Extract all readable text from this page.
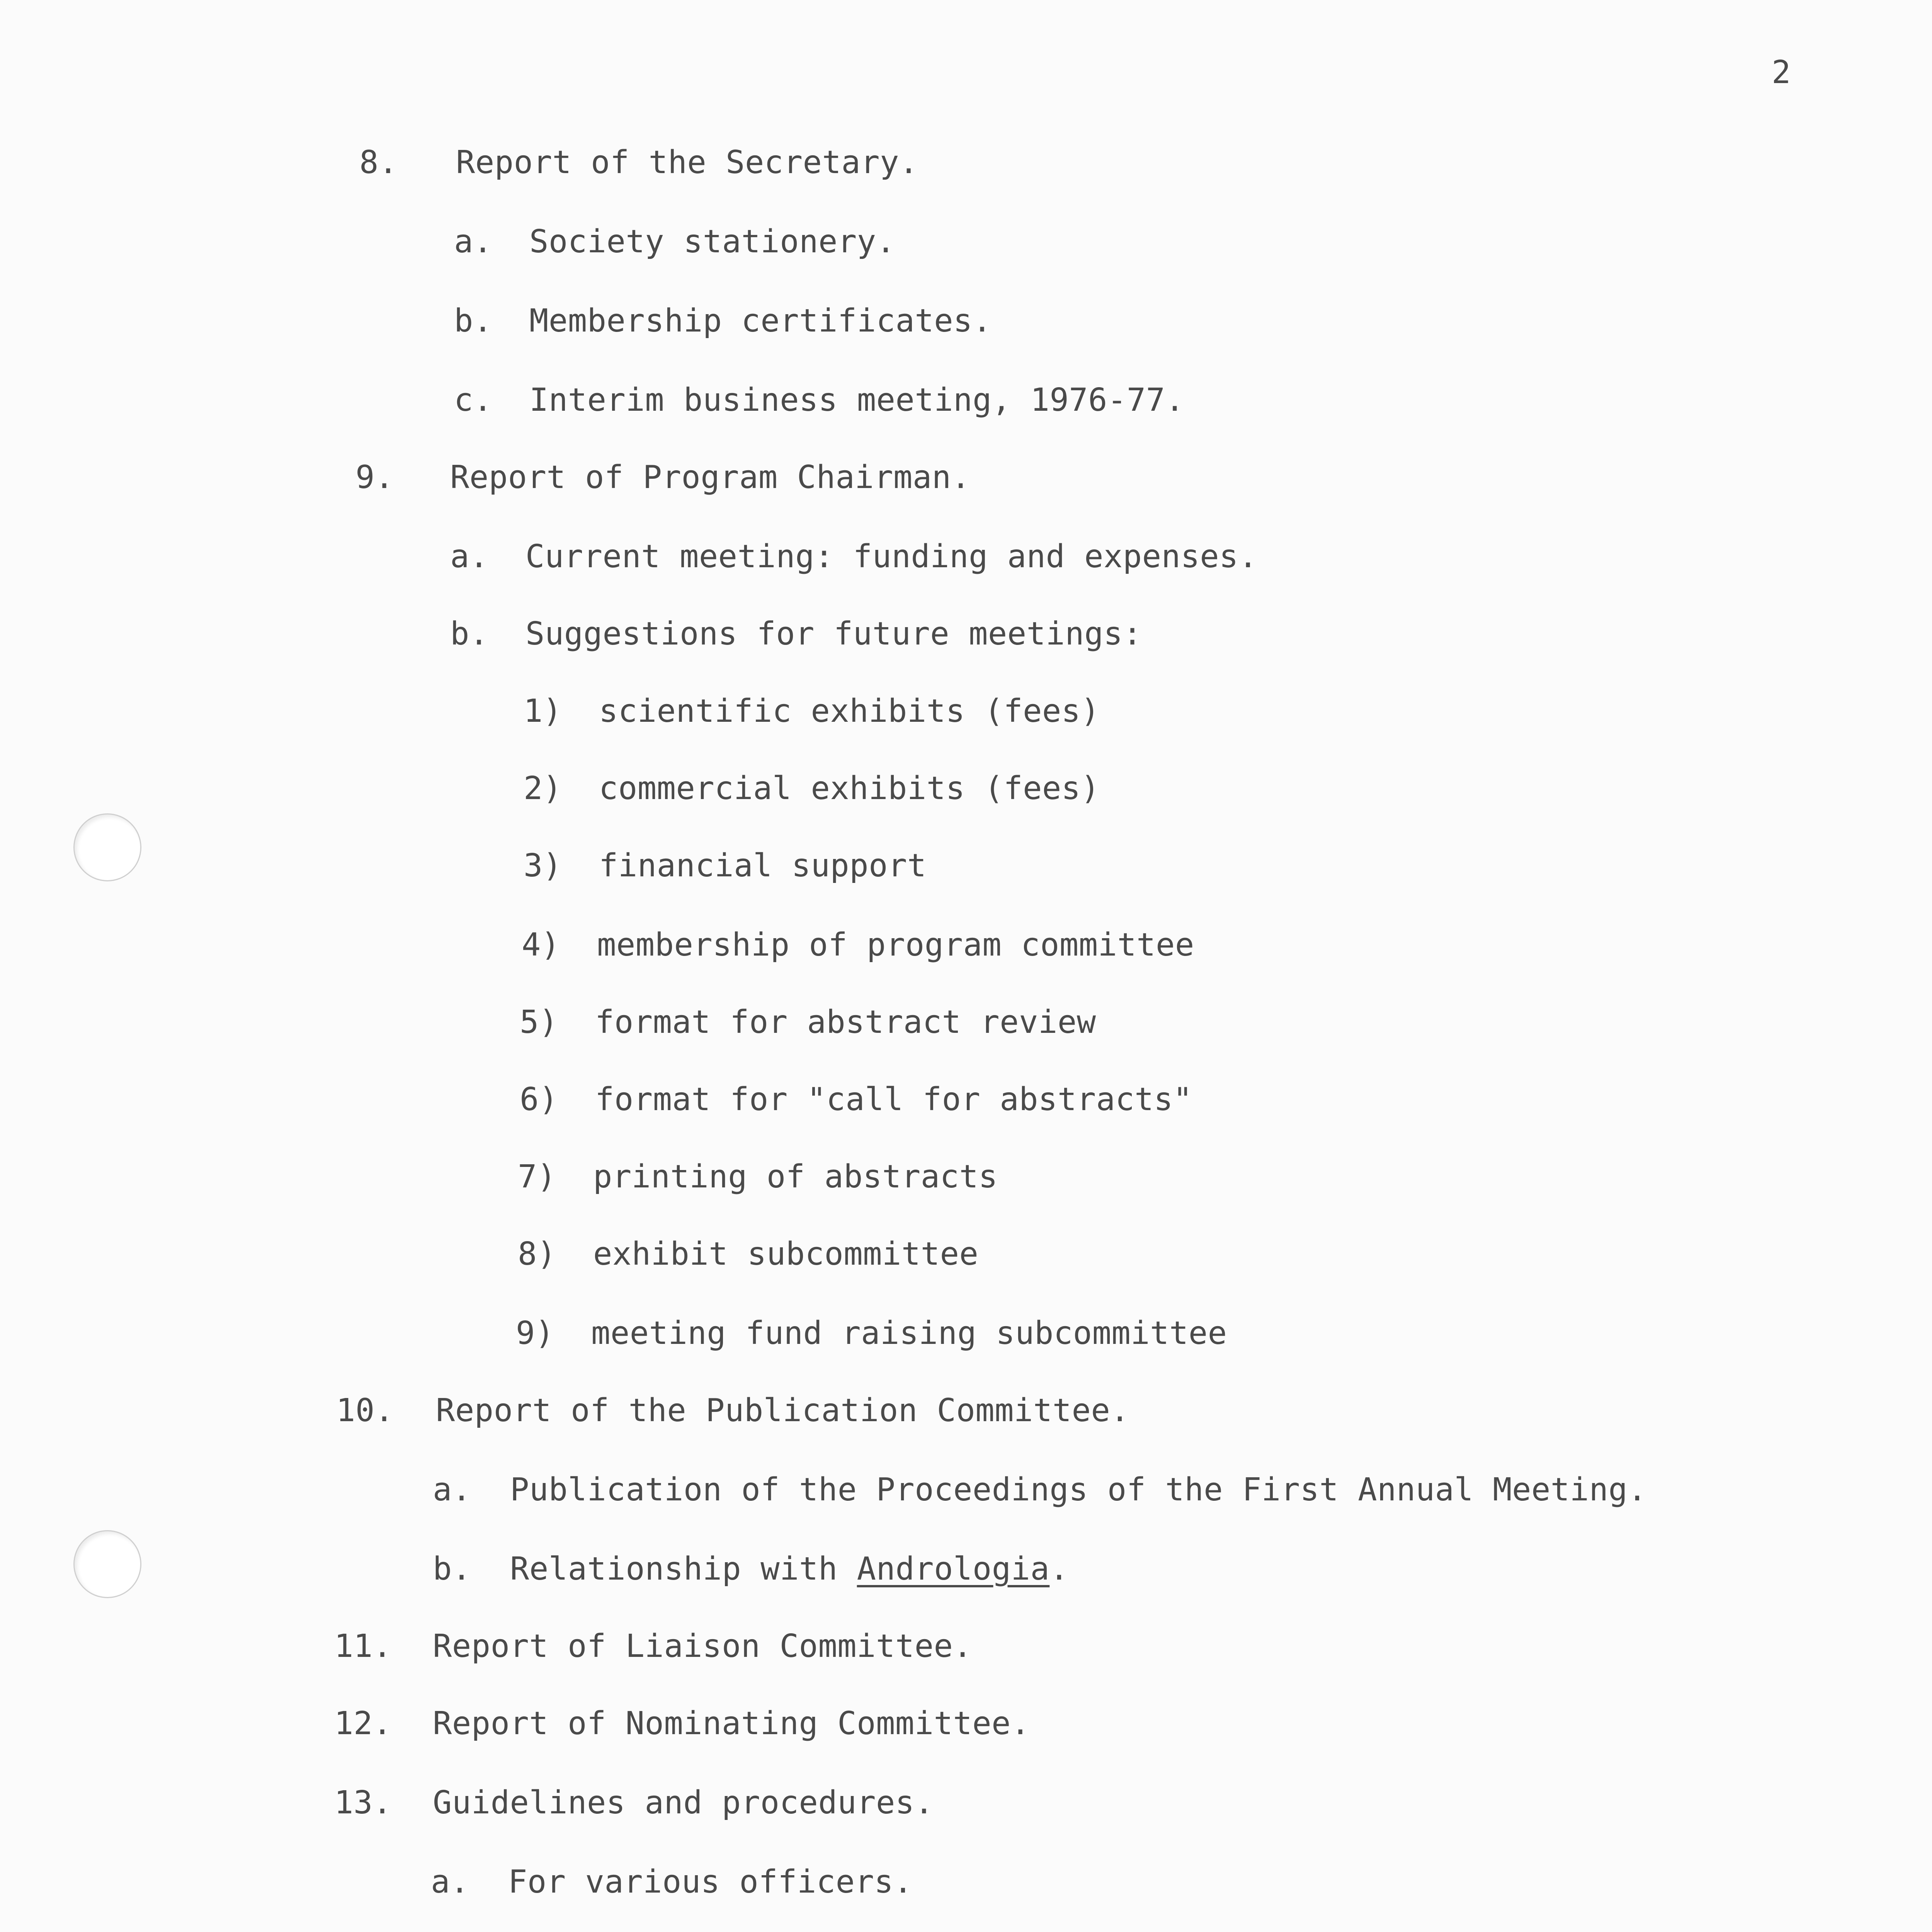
2
8. Report of the Secretary.
a. Society stationery.
b. Membership certificates.
c. Interim business meeting, 1976-77.
9. Report of Program Chairman.
a. Current meeting: funding and expenses.
b. Suggestions for future meetings:
1) scientific exhibits (fees)
2) commercial exhibits (fees)
3) financial support
4) membership of program committee
5) format for abstract review
6) format for "call for abstracts"
7) printing of abstracts
8) exhibit subcommittee
9) meeting fund raising subcommittee
10. Report of the Publication Committee.
a. Publication of the Proceedings of the First Annual Meeting.
b. Relationship with Andrologia.
11. Report of Liaison Committee.
12. Report of Nominating Committee.
13. Guidelines and procedures.
a. For various officers.
